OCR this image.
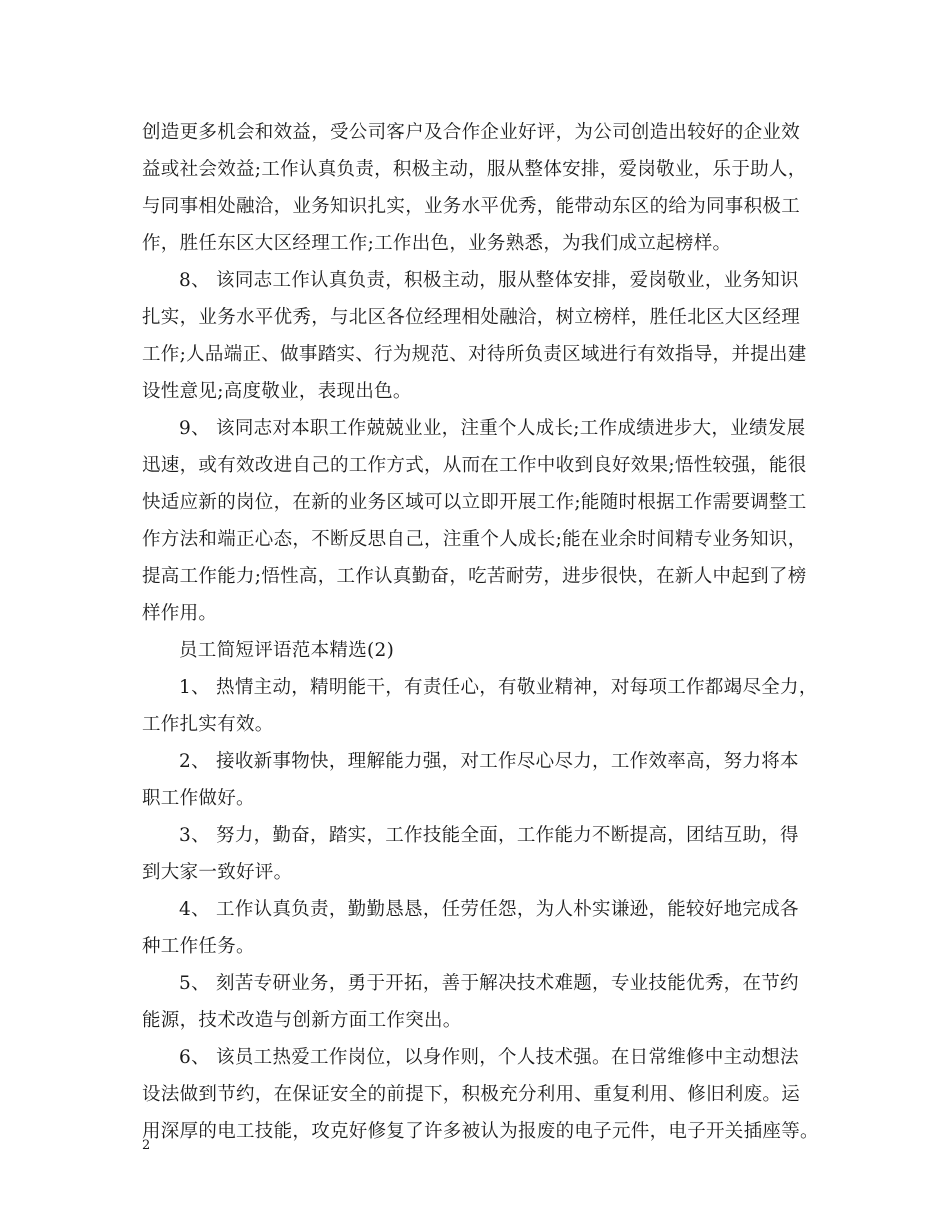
创造更多机会和效益，受公司客户及合作企业好评，为公司创造出较好的企业效
益或社会效益;工作认真负责，积极主动，服从整体安排，爱岗敬业，乐于助人，
与同事相处融洽，业务知识扎实，业务水平优秀，能带动东区的给为同事积极工
作，胜任东区大区经理工作;工作出色，业务熟悉，为我们成立起榜样。
8、 该同志工作认真负责，积极主动，服从整体安排，爱岗敬业，业务知识
扎实，业务水平优秀，与北区各位经理相处融洽，树立榜样，胜任北区大区经理
工作;人品端正、做事踏实、行为规范、对待所负责区域进行有效指导，并提出建
设性意见;高度敬业，表现出色。
9、 该同志对本职工作兢兢业业，注重个人成长;工作成绩进步大，业绩发展
迅速，或有效改进自己的工作方式，从而在工作中收到良好效果;悟性较强，能很
快适应新的岗位，在新的业务区域可以立即开展工作;能随时根据工作需要调整工
作方法和端正心态，不断反思自己，注重个人成长;能在业余时间精专业务知识，
提高工作能力;悟性高，工作认真勤奋，吃苦耐劳，进步很快，在新人中起到了榜
样作用。
员工简短评语范本精选(2)
1、 热情主动，精明能干，有责任心，有敬业精神，对每项工作都竭尽全力，
工作扎实有效。
2、 接收新事物快，理解能力强，对工作尽心尽力，工作效率高，努力将本
职工作做好。
3、 努力，勤奋，踏实，工作技能全面，工作能力不断提高，团结互助，得
到大家一致好评。
4、 工作认真负责，勤勤恳恳，任劳任怨，为人朴实谦逊，能较好地完成各
种工作任务。
5、 刻苦专研业务，勇于开拓，善于解决技术难题，专业技能优秀，在节约
能源，技术改造与创新方面工作突出。
6、 该员工热爱工作岗位，以身作则，个人技术强。在日常维修中主动想法
设法做到节约，在保证安全的前提下，积极充分利用、重复利用、修旧利废。运
用深厚的电工技能，攻克好修复了许多被认为报废的电子元件，电子开关插座等。
2
